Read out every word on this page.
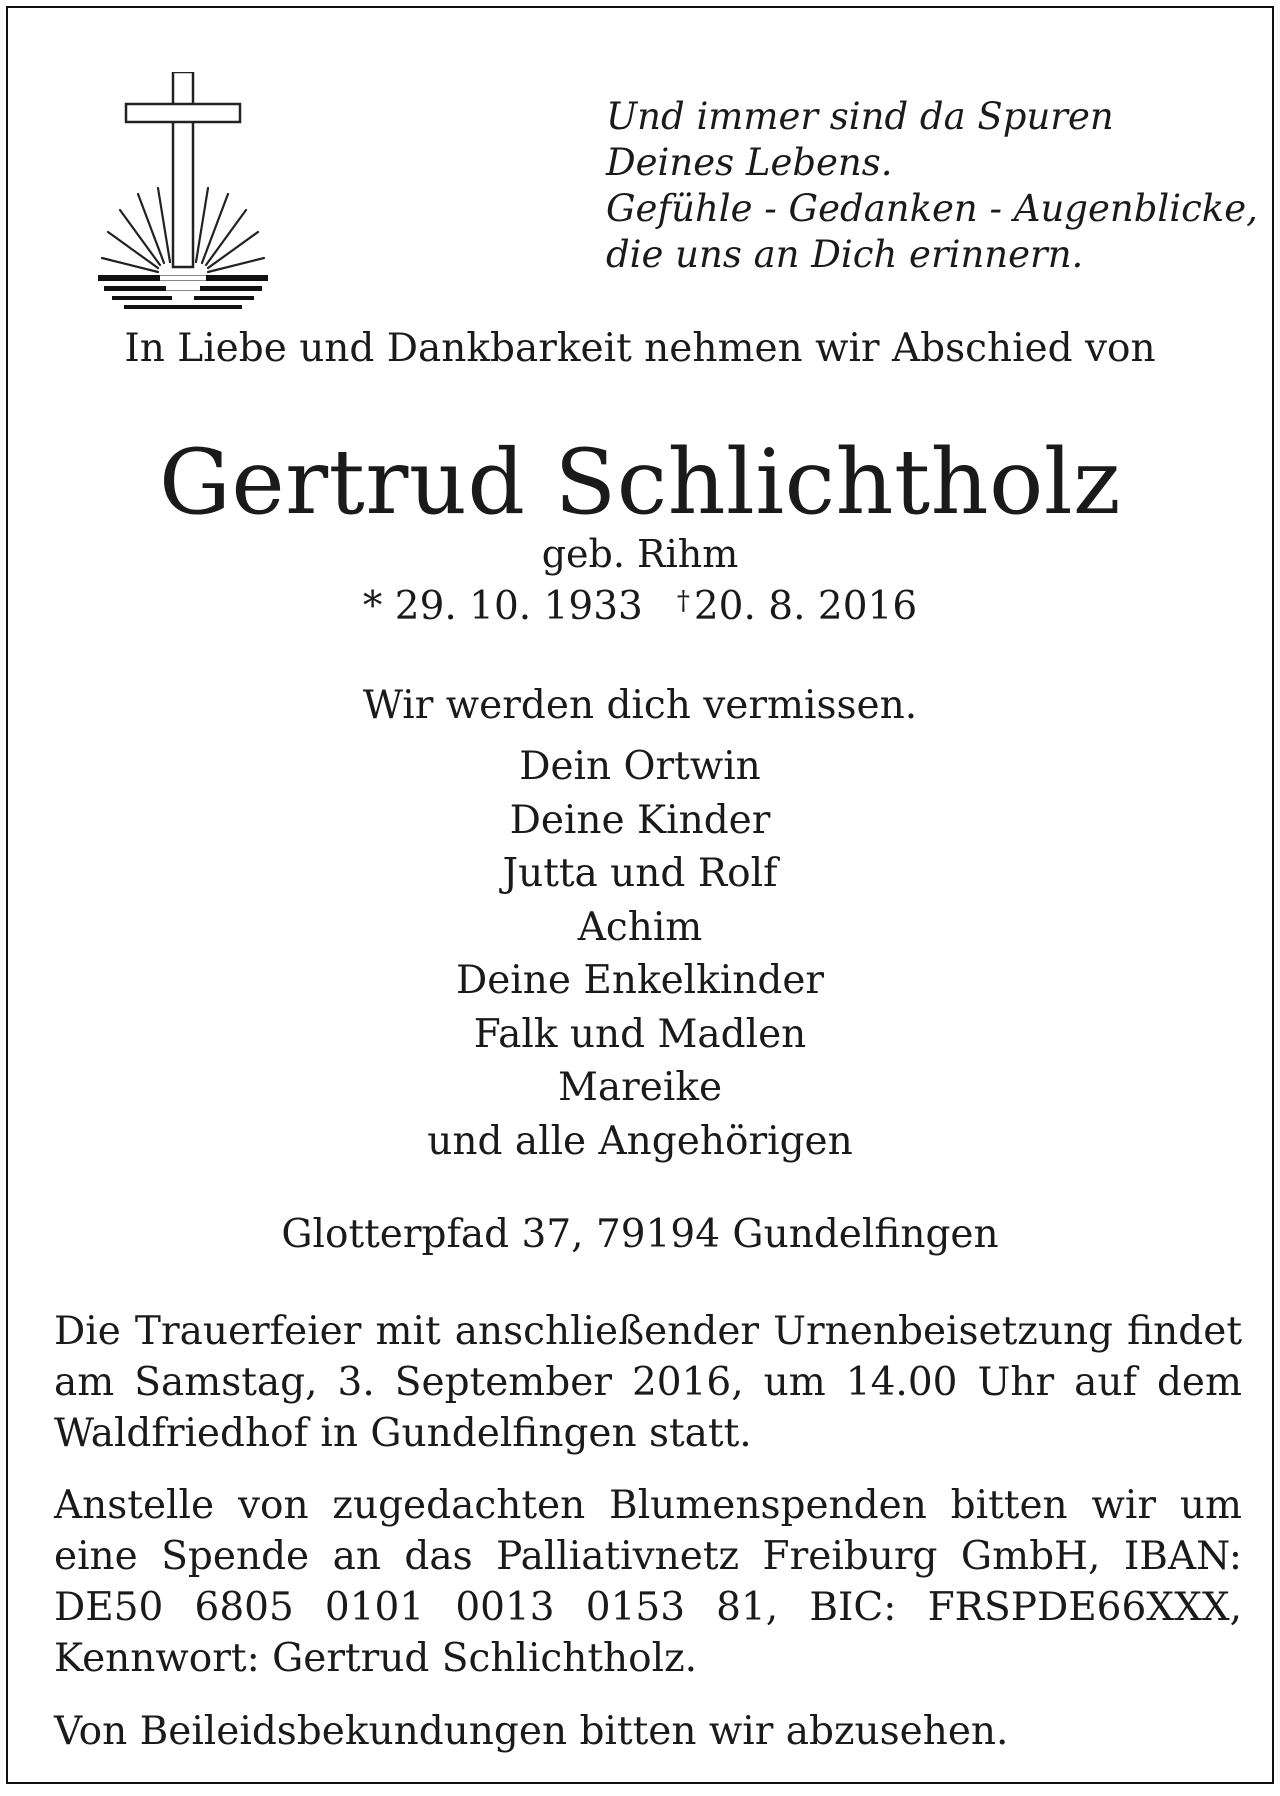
Und immer sind da Spuren
Deines Lebens.
Gefühle - Gedanken - Augenblicke,
die uns an Dich erinnern.
In Liebe und Dankbarkeit nehmen wir Abschied von
Gertrud Schlichtholz
geb. Rihm
* 29. 10. 1933 † 20. 8. 2016
Wir werden dich vermissen.
Dein Ortwin
Deine Kinder
Jutta und Rolf
Achim
Deine Enkelkinder
Falk und Madlen
Mareike
und alle Angehörigen
Glotterpfad 37, 79194 Gundelfingen
Die Trauerfeier mit anschließender Urnenbeisetzung findet am Samstag, 3. September 2016, um 14.00 Uhr auf dem Waldfriedhof in Gundelfingen statt.
Anstelle von zugedachten Blumenspenden bitten wir um eine Spende an das Palliativnetz Freiburg GmbH, IBAN: DE50 6805 0101 0013 0153 81, BIC: FRSPDE66XXX, Kennwort: Gertrud Schlichtholz.
Von Beileidsbekundungen bitten wir abzusehen.
